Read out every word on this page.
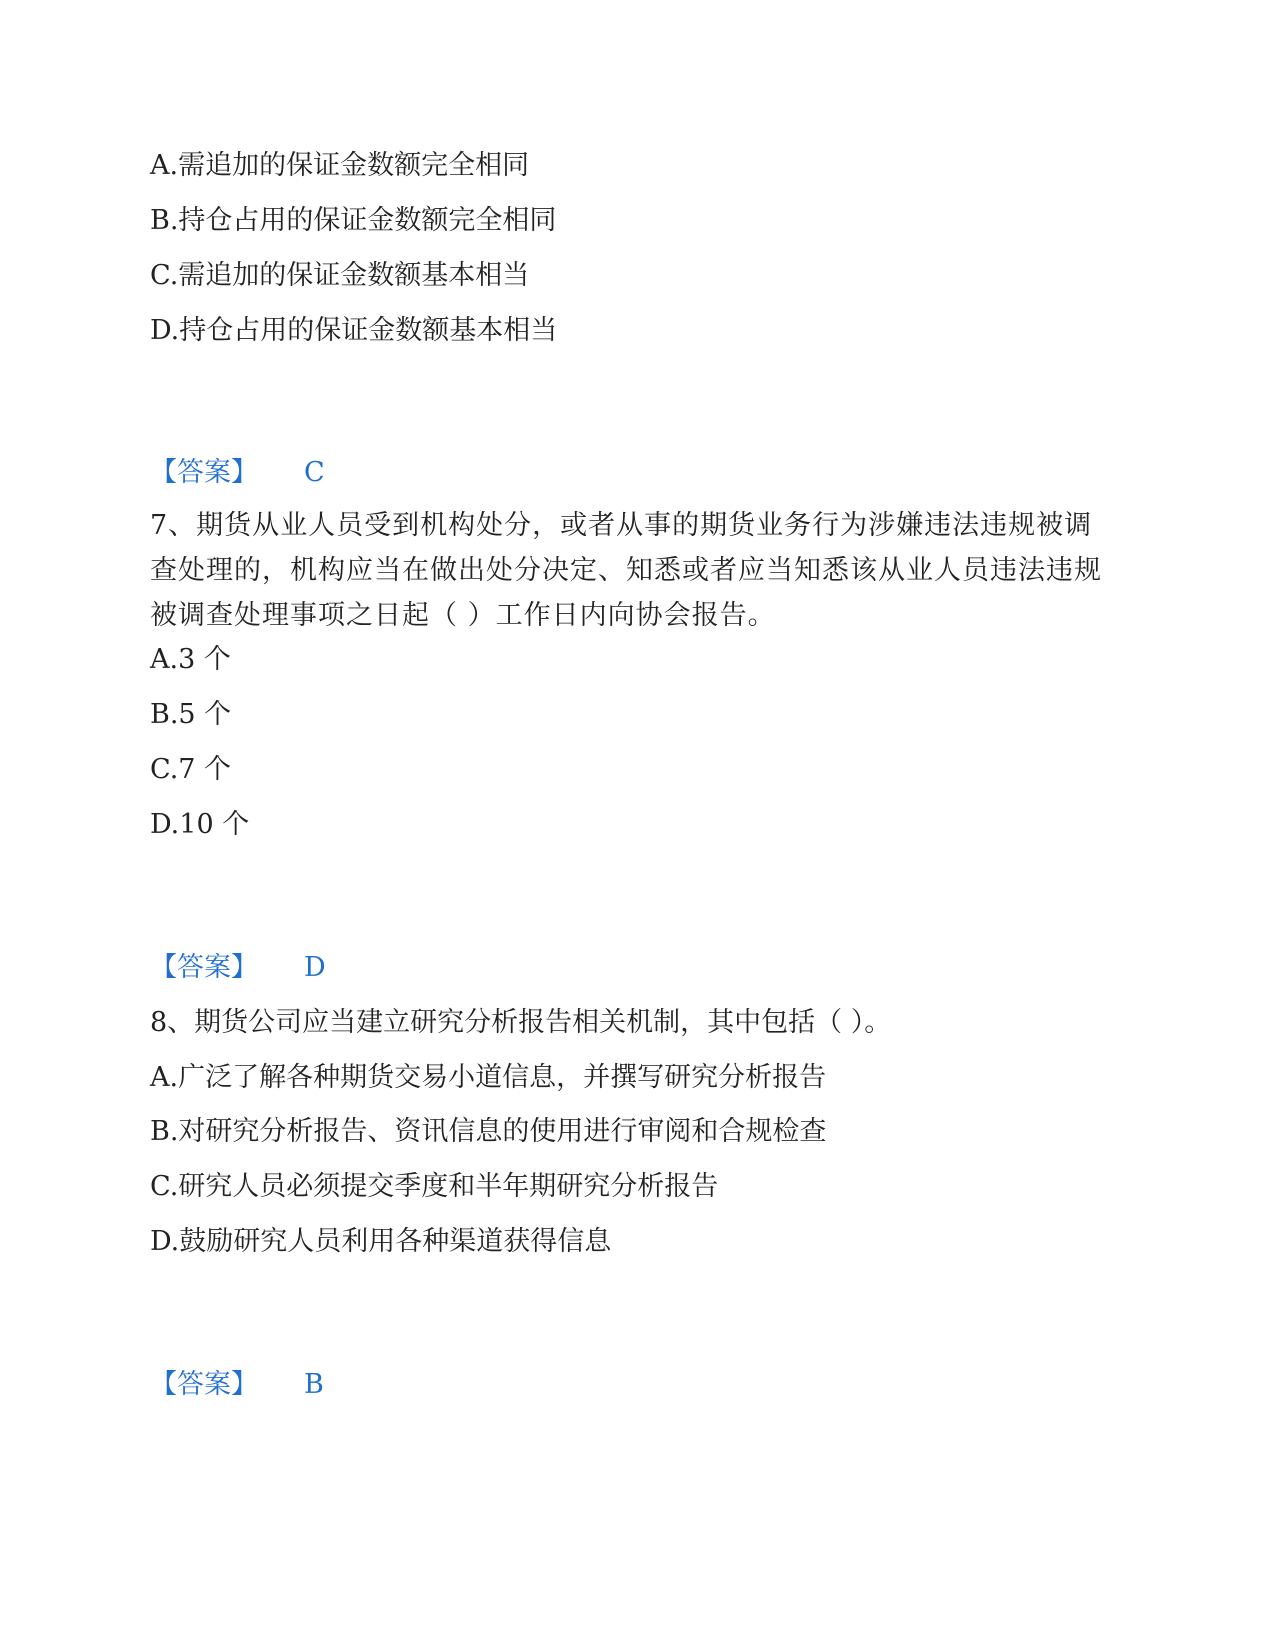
A.需追加的保证金数额完全相同

B.持仓占用的保证金数额完全相同

C.需追加的保证金数额基本相当

D.持仓占用的保证金数额基本相当

【答案】 C

7、期货从业人员受到机构处分，或者从事的期货业务行为涉嫌违法违规被调查处理的，机构应当在做出处分决定、知悉或者应当知悉该从业人员违法违规被调查处理事项之日起（ ）工作日内向协会报告。

A.3 个

B.5 个

C.7 个

D.10 个

【答案】 D

8、期货公司应当建立研究分析报告相关机制，其中包括（ ）。

A.广泛了解各种期货交易小道信息，并撰写研究分析报告

B.对研究分析报告、资讯信息的使用进行审阅和合规检查

C.研究人员必须提交季度和半年期研究分析报告

D.鼓励研究人员利用各种渠道获得信息

【答案】 B
